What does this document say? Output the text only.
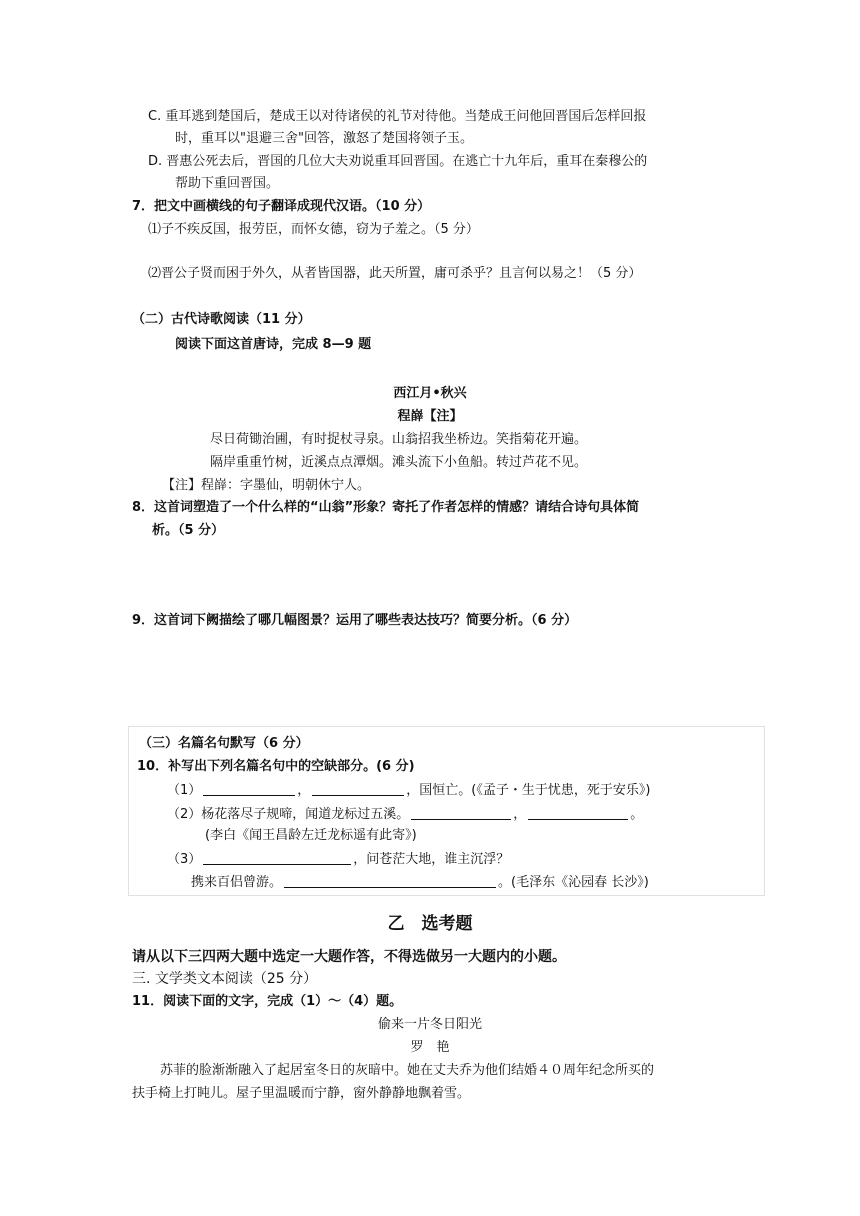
C. 重耳逃到楚国后，楚成王以对待诸侯的礼节对待他。当楚成王问他回晋国后怎样回报
时，重耳以"退避三舍"回答，激怒了楚国将领子玉。
D. 晋惠公死去后，晋国的几位大夫劝说重耳回晋国。在逃亡十九年后，重耳在秦穆公的
帮助下重回晋国。
7．把文中画横线的句子翻译成现代汉语。（10 分）
⑴子不疾反国，报劳臣，而怀女德，窃为子羞之。（5 分）
⑵晋公子贤而困于外久，从者皆国器，此天所置，庸可杀乎？且言何以易之！（5 分）
（二）古代诗歌阅读（11 分）
阅读下面这首唐诗，完成 8—9 题
西江月•秋兴
程嶭【注】
尽日荷锄治圃，有时捉杖寻泉。山翁招我坐桥边。笑指菊花开遍。
隔岸重重竹树，近溪点点潭烟。滩头流下小鱼船。转过芦花不见。
【注】程嶭：字墨仙，明朝休宁人。
8．这首词塑造了一个什么样的“山翁”形象？寄托了作者怎样的情感？请结合诗句具体简
析。（5 分）
9．这首词下阙描绘了哪几幅图景？运用了哪些表达技巧？简要分析。（6 分）
（三）名篇名句默写（6 分）
10．补写出下列名篇名句中的空缺部分。(6 分)
（1）	，	，国恒亡。(《孟子・生于忧患，死于安乐》)
（2）杨花落尽子规啼，闻道龙标过五溪。	，	。
(李白《闻王昌龄左迁龙标遥有此寄》)
（3）	，问苍茫大地，谁主沉浮？
携来百侣曾游。	。(毛泽东《沁园春 长沙》)
乙　选考题
请从以下三四两大题中选定一大题作答，不得选做另一大题内的小题。
三. 文学类文本阅读（25 分）
11．阅读下面的文字，完成（1）～（4）题。
偷来一片冬日阳光
罗　艳
苏菲的脸渐渐融入了起居室冬日的灰暗中。她在丈夫乔为他们结婚４０周年纪念所买的
扶手椅上打盹儿。屋子里温暖而宁静，窗外静静地飘着雪。
